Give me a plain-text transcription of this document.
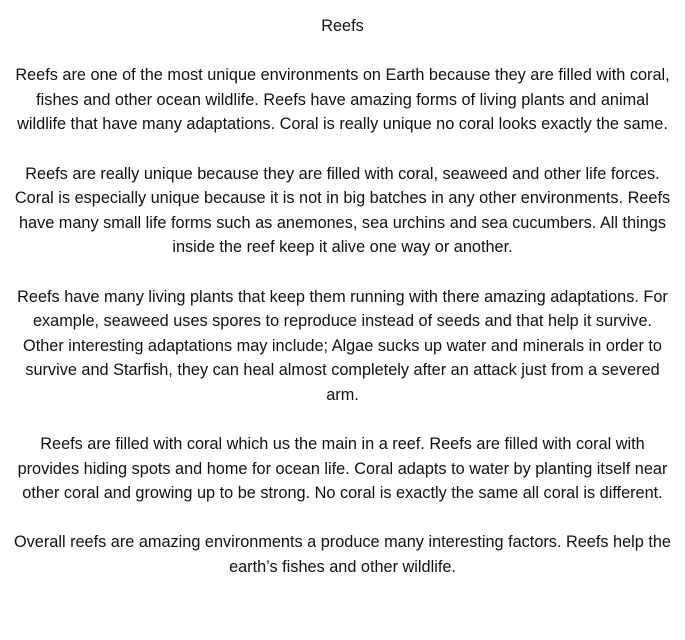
Reefs

Reefs are one of the most unique environments on Earth because they are filled with coral, fishes and other ocean wildlife. Reefs have amazing forms of living plants and animal wildlife that have many adaptations. Coral is really unique no coral looks exactly the same.

Reefs are really unique because they are filled with coral, seaweed and other life forces. Coral is especially unique because it is not in big batches in any other environments. Reefs have many small life forms such as anemones, sea urchins and sea cucumbers. All things inside the reef keep it alive one way or another.

Reefs have many living plants that keep them running with there amazing adaptations. For example, seaweed uses spores to reproduce instead of seeds and that help it survive. Other interesting adaptations may include; Algae sucks up water and minerals in order to survive and Starfish, they can heal almost completely after an attack just from a severed arm.

Reefs are filled with coral which us the main in a reef. Reefs are filled with coral with provides hiding spots and home for ocean life. Coral adapts to water by planting itself near other coral and growing up to be strong. No coral is exactly the same all coral is different.

Overall reefs are amazing environments a produce many interesting factors. Reefs help the earth’s fishes and other wildlife.
